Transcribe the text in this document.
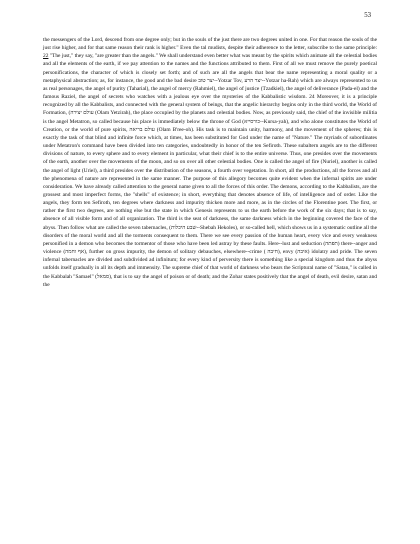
53

the messengers of the Lord, descend from one degree only; but in the souls of the just there are two degrees united in one. For that reason the souls of the just rise higher, and for that same reason their rank is higher." Even the tal mudists, despite their adherence to the letter, subscribe to the same principle: 22 "The just," they say, "are greater than the angels." We shall understand even better what was meant by the spirits which animate all the celestial bodies and all the elements of the earth, if we pay attention to the names and the functions attributed to them. First of all we must remove the purely poetical personifications, the character of which is closely set forth; and of such are all the angels that bear the name representing a moral quality or a metaphysical abstraction; as, for instance, the good and the bad desire יצר טוב--Yotzar Tov, יצר הרע--Yotzar ha-Rah) which are always represented to us as real personages, the angel of purity (Taharial), the angel of mercy (Rahmiel), the angel of justice (Tzadkiel), the angel of deliverance (Pada-el) and the famous Raziel, the angel of secrets who watches with a jealous eye over the mysteries of the Kabbalistic wisdom. 24 Moreover, it is a principle recognized by all the Kabbalists, and connected with the general system of beings, that the angelic hierarchy begins only in the third world, the World of Formation, (עולם יצירה (Olam Yetzirah), the place occupied by the planets and celestial bodies. Now, as previously said, the chief of the invisible militia is the angel Metatron, so called because his place is immediately below the throne of God (כורסייא--Kursa-yah), and who alone constitutes the World of Creation, or the world of pure spirits, עולם בריאה (Olam B'ree-oh). His task is to maintain unity, harmony, and the movement of the spheres; this is exactly the task of that blind and infinite force which, at times, has been substituted for God under the name of "Nature." The myriads of subordinates under Metatron's command have been divided into ten categories, undoubtedly in honor of the ten Sefiroth. These subaltern angels are to the different divisions of nature, to every sphere and to every element in particular, what their chief is to the entire universe. Thus, one presides over the movements of the earth, another over the movements of the moon, and so on over all other celestial bodies. One is called the angel of fire (Nuriel), another is called the angel of light (Uriel), a third presides over the distribution of the seasons, a fourth over vegetation. In short, all the productions, all the forces and all the phenomena of nature are represented in the same manner. The purpose of this allegory becomes quite evident when the infernal spirits are under consideration. We have already called attention to the general name given to all the forces of this order. The demons, according to the Kabbalists, are the grossest and most imperfect forms, the "shells" of existence; in short, everything that denotes absence of life, of intelligence and of order. Like the angels, they form ten Sefiroth, ten degrees where darkness and impurity thicken more and more, as in the circles of the Florentine poet. The first, or rather the first two degrees, are nothing else but the state in which Genesis represents to us the earth before the work of the six days; that is to say, absence of all visible form and of all organization. The third is the seat of darkness, the same darkness which in the beginning covered the face of the abyss. Then follow what are called the seven tabernacles, (שבע היכלות--Shebah Hekoles), or so-called hell, which shows us in a systematic outline all the disorders of the moral world and all the torments consequent to them. There we see every passion of the human heart, every vice and every weakness personified in a demon who becomes the tormentor of those who have been led astray by these faults. Here--lust and seduction (תפתה) there--anger and violence (אף וחמה), further on gross impurity, the demon of solitary debauches, elsewhere--crime ( חיבה), envy (איבה) idolatry and pride. The seven infernal tabernacles are divided and subdivided ad infinitum; for every kind of perversity there is something like a special kingdom and thus the abyss unfolds itself gradually in all its depth and immensity. The supreme chief of that world of darkness who bears the Scriptural name of "Satan," is called in the Kabbalah "Samael" (סמאל), that is to say the angel of poison or of death; and the Zohar states positively that the angel of death, evil desire, satan and the
